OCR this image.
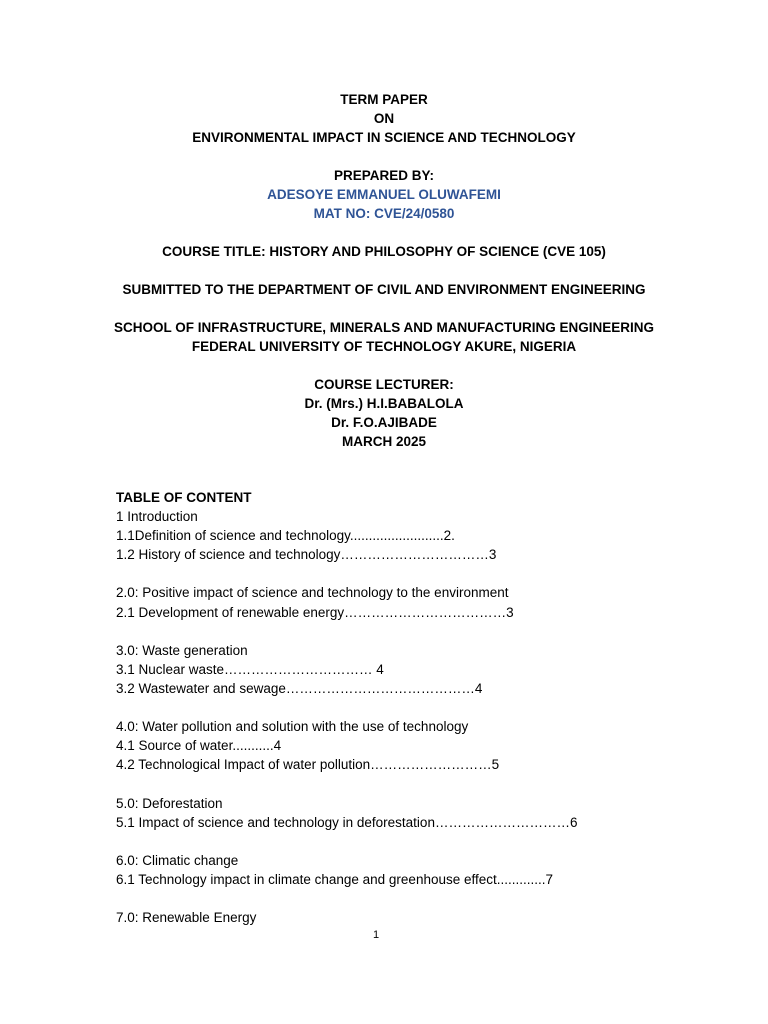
TERM PAPER
ON
ENVIRONMENTAL IMPACT IN SCIENCE AND TECHNOLOGY
PREPARED BY:
ADESOYE EMMANUEL OLUWAFEMI
MAT NO: CVE/24/0580
COURSE TITLE: HISTORY AND PHILOSOPHY OF SCIENCE (CVE 105)
SUBMITTED TO THE DEPARTMENT OF CIVIL AND ENVIRONMENT ENGINEERING
SCHOOL OF INFRASTRUCTURE, MINERALS AND MANUFACTURING ENGINEERING
FEDERAL UNIVERSITY OF TECHNOLOGY AKURE, NIGERIA
COURSE LECTURER:
Dr. (Mrs.) H.I.BABALOLA
Dr. F.O.AJIBADE
MARCH 2025
TABLE OF CONTENT
1 Introduction
1.1Definition of science and technology.........................2.
1.2 History of science and technology……………………………3
2.0: Positive impact of science and technology to the environment
2.1 Development of renewable energy………………………………3
3.0: Waste generation
3.1 Nuclear waste…………………………… 4
3.2 Wastewater and sewage……………………………………4
4.0: Water pollution and solution with the use of technology
4.1 Source of water...........4
4.2 Technological Impact of water pollution………………………5
5.0: Deforestation
5.1 Impact of science and technology in deforestation…………………………6
6.0: Climatic change
6.1 Technology impact in climate change and greenhouse effect.............7
7.0: Renewable Energy
1
